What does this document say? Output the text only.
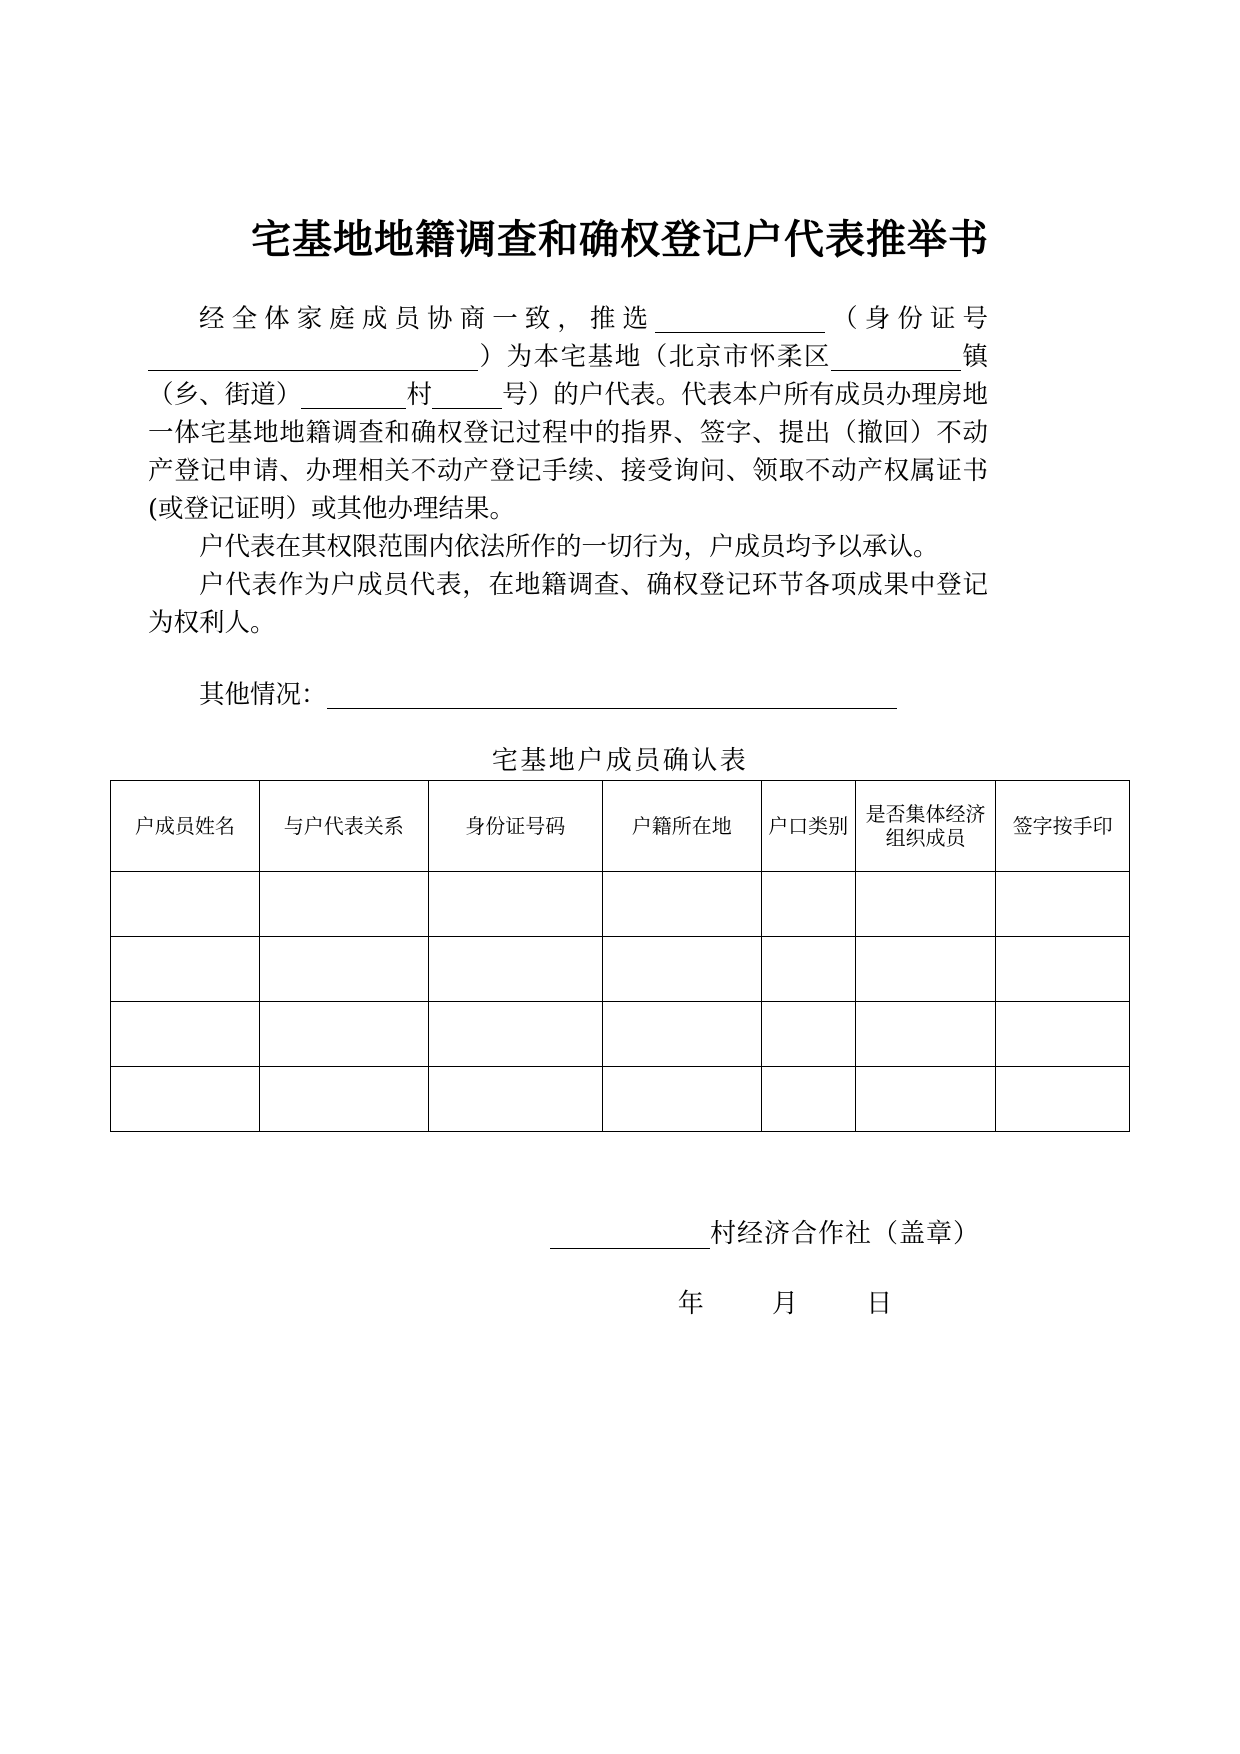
宅基地地籍调查和确权登记户代表推举书

经全体家庭成员协商一致，推选	（身份证号）为本宅基地（北京市怀柔区	镇（乡、街道）	村	号）的户代表。代表本户所有成员办理房地一体宅基地地籍调查和确权登记过程中的指界、签字、提出（撤回）不动产登记申请、办理相关不动产登记手续、接受询问、领取不动产权属证书(或登记证明）或其他办理结果。

户代表在其权限范围内依法所作的一切行为，户成员均予以承认。

户代表作为户成员代表，在地籍调查、确权登记环节各项成果中登记为权利人。

其他情况：
宅基地户成员确认表
户成员姓名	与户代表关系	身份证号码	户籍所在地	户口类别	是否集体经济组织成员	签字按手印

村经济合作社（盖章）
年	月	日
